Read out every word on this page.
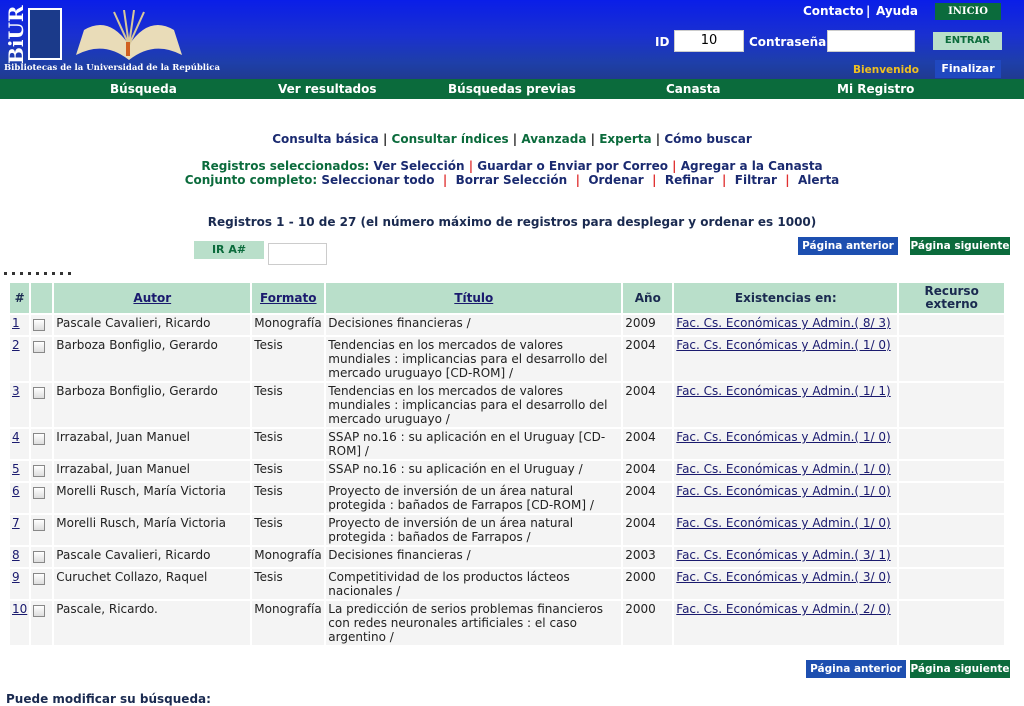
BiUR
Bibliotecas de la Universidad de la República
Contacto | Ayuda	INICIO
ID	10	Contraseña	ENTRAR
Bienvenido	Finalizar
Búsqueda	Ver resultados	Búsquedas previas	Canasta	Mi Registro
Consulta básica | Consultar índices | Avanzada | Experta | Cómo buscar
Registros seleccionados: Ver Selección | Guardar o Enviar por Correo | Agregar a la Canasta
Conjunto completo: Seleccionar todo | Borrar Selección | Ordenar | Refinar | Filtrar | Alerta
Registros 1 - 10 de 27 (el número máximo de registros para desplegar y ordenar es 1000)
IR A#	Página anterior	Página siguiente
#		Autor	Formato	Título	Año	Existencias en:	Recurso externo
1		Pascale Cavalieri, Ricardo	Monografía	Decisiones financieras /	2009	Fac. Cs. Económicas y Admin.( 8/ 3)	
2		Barboza Bonfiglio, Gerardo	Tesis	Tendencias en los mercados de valores mundiales : implicancias para el desarrollo del mercado uruguayo [CD-ROM] /	2004	Fac. Cs. Económicas y Admin.( 1/ 0)	
3		Barboza Bonfiglio, Gerardo	Tesis	Tendencias en los mercados de valores mundiales : implicancias para el desarrollo del mercado uruguayo /	2004	Fac. Cs. Económicas y Admin.( 1/ 1)	
4		Irrazabal, Juan Manuel	Tesis	SSAP no.16 : su aplicación en el Uruguay [CD-ROM] /	2004	Fac. Cs. Económicas y Admin.( 1/ 0)	
5		Irrazabal, Juan Manuel	Tesis	SSAP no.16 : su aplicación en el Uruguay /	2004	Fac. Cs. Económicas y Admin.( 1/ 0)	
6		Morelli Rusch, María Victoria	Tesis	Proyecto de inversión de un área natural protegida : bañados de Farrapos [CD-ROM] /	2004	Fac. Cs. Económicas y Admin.( 1/ 0)	
7		Morelli Rusch, María Victoria	Tesis	Proyecto de inversión de un área natural protegida : bañados de Farrapos /	2004	Fac. Cs. Económicas y Admin.( 1/ 0)	
8		Pascale Cavalieri, Ricardo	Monografía	Decisiones financieras /	2003	Fac. Cs. Económicas y Admin.( 3/ 1)	
9		Curuchet Collazo, Raquel	Tesis	Competitividad de los productos lácteos nacionales /	2000	Fac. Cs. Económicas y Admin.( 3/ 0)	
10		Pascale, Ricardo.	Monografía	La predicción de serios problemas financieros con redes neuronales artificiales : el caso argentino /	2000	Fac. Cs. Económicas y Admin.( 2/ 0)	
Página anterior Página siguiente
Puede modificar su búsqueda:
